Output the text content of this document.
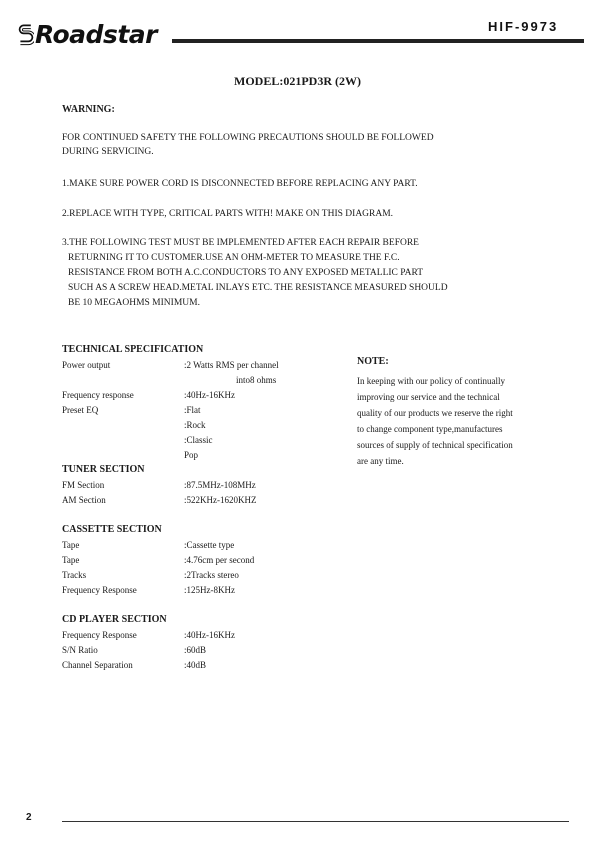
Roadstar	HIF-9973
MODEL:021PD3R (2W)
WARNING:
FOR CONTINUED SAFETY THE FOLLOWING PRECAUTIONS SHOULD BE FOLLOWED
DURING SERVICING.
1.MAKE SURE POWER CORD IS DISCONNECTED BEFORE REPLACING ANY PART.
2.REPLACE WITH TYPE, CRITICAL PARTS WITH! MAKE ON THIS DIAGRAM.
3.THE FOLLOWING TEST MUST BE IMPLEMENTED AFTER EACH REPAIR BEFORE
RETURNING IT TO CUSTOMER.USE AN OHM-METER TO MEASURE THE F.C.
RESISTANCE FROM BOTH A.C.CONDUCTORS TO ANY EXPOSED METALLIC PART
SUCH AS A SCREW HEAD.METAL INLAYS ETC. THE RESISTANCE MEASURED SHOULD
BE 10 MEGAOHMS MINIMUM.
TECHNICAL SPECIFICATION
Power output	:2 Watts RMS per channel
into8 ohms
Frequency response	:40Hz-16KHz
Preset EQ	:Flat
:Rock
:Classic
Pop
TUNER SECTION
FM Section	:87.5MHz-108MHz
AM Section	:522KHz-1620KHZ
CASSETTE SECTION
Tape	:Cassette type
Tape	:4.76cm per second
Tracks	:2Tracks stereo
Frequency Response	:125Hz-8KHz
CD PLAYER SECTION
Frequency Response	:40Hz-16KHz
S/N Ratio	:60dB
Channel Separation	:40dB
NOTE:
In keeping with our policy of continually
improving our service and the technical
quality of our products we reserve the right
to change component type,manufactures
sources of supply of technical specification
are any time.
2
